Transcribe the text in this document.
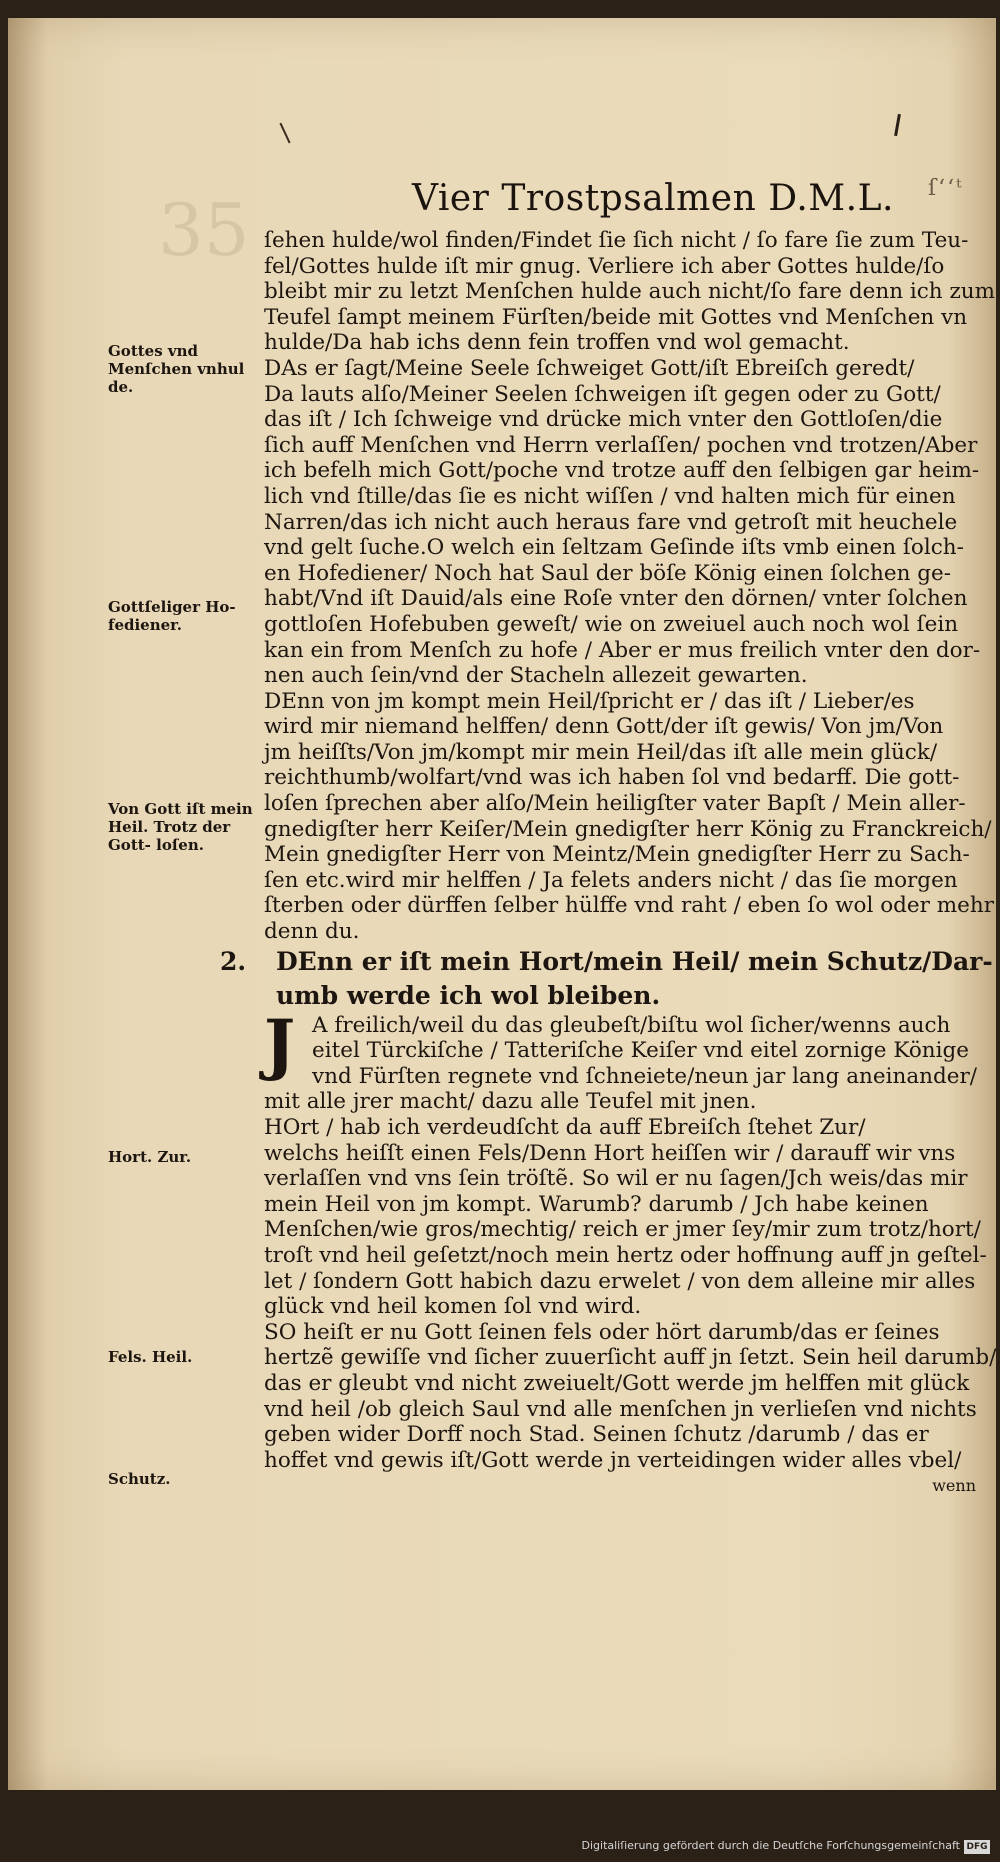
35	Vier Trostpsalmen D.M.L. ſʻʻᵗ
Gottes vnd Menſchen vnhul de.
Gottſeliger Ho- fediener.
Von Gott iſt mein Heil. Trotz der Gott- loſen.
Hort. Zur.
Fels. Heil.
Schutz.
ſehen hulde/wol finden/Findet ſie ſich nicht / ſo fare ſie zum Teu-
fel/Gottes hulde iſt mir gnug. Verliere ich aber Gottes hulde/ſo
bleibt mir zu letzt Menſchen hulde auch nicht/ſo fare denn ich zum
Teufel ſampt meinem Fürſten/beide mit Gottes vnd Menſchen vn
hulde/Da hab ichs denn fein troffen vnd wol gemacht.
DAs er ſagt/Meine Seele ſchweiget Gott/iſt Ebreiſch geredt/
Da lauts alſo/Meiner Seelen ſchweigen iſt gegen oder zu Gott/
das iſt / Ich ſchweige vnd drücke mich vnter den Gottloſen/die
ſich auff Menſchen vnd Herrn verlaſſen/ pochen vnd trotzen/Aber
ich befelh mich Gott/poche vnd trotze auff den ſelbigen gar heim-
lich vnd ſtille/das ſie es nicht wiſſen / vnd halten mich für einen
Narren/das ich nicht auch heraus fare vnd getroſt mit heuchele
vnd gelt ſuche.O welch ein ſeltzam Geſinde iſts vmb einen ſolch-
en Hofediener/ Noch hat Saul der böſe König einen ſolchen ge-
habt/Vnd iſt Dauid/als eine Roſe vnter den dörnen/ vnter ſolchen
gottloſen Hofebuben geweſt/ wie on zweiuel auch noch wol ſein
kan ein from Menſch zu hofe / Aber er mus freilich vnter den dor-
nen auch ſein/vnd der Stacheln allezeit gewarten.
DEnn von jm kompt mein Heil/ſpricht er / das iſt / Lieber/es
wird mir niemand helffen/ denn Gott/der iſt gewis/ Von jm/Von
jm heiſſts/Von jm/kompt mir mein Heil/das iſt alle mein glück/
reichthumb/wolfart/vnd was ich haben ſol vnd bedarff. Die gott-
loſen ſprechen aber alſo/Mein heiligſter vater Bapſt / Mein aller-
gnedigſter herr Keiſer/Mein gnedigſter herr König zu Franckreich/
Mein gnedigſter Herr von Meintz/Mein gnedigſter Herr zu Sach-
ſen etc.wird mir helffen / Ja felets anders nicht / das ſie morgen
ſterben oder dürffen ſelber hülffe vnd raht / eben ſo wol oder mehr
denn du.
2. DEnn er iſt mein Hort/mein Heil/ mein Schutz/Dar-
umb werde ich wol bleiben.
J A freilich/weil du das gleubeſt/biſtu wol ſicher/wenns auch
eitel Türckiſche / Tatteriſche Keiſer vnd eitel zornige Könige
vnd Fürſten regnete vnd ſchneiete/neun jar lang aneinander/
mit alle jrer macht/ dazu alle Teufel mit jnen.
HOrt / hab ich verdeudſcht da auff Ebreiſch ſtehet Zur/
welchs heiſſt einen Fels/Denn Hort heiſſen wir / darauff wir vns
verlaſſen vnd vns ſein tröſtẽ. So wil er nu ſagen/Jch weis/das mir
mein Heil von jm kompt. Warumb? darumb / Jch habe keinen
Menſchen/wie gros/mechtig/ reich er jmer ſey/mir zum trotz/hort/
troſt vnd heil geſetzt/noch mein hertz oder hoffnung auff jn geſtel-
let / ſondern Gott habich dazu erwelet / von dem alleine mir alles
glück vnd heil komen ſol vnd wird.
SO heiſt er nu Gott ſeinen fels oder hört darumb/das er ſeines
hertzẽ gewiſſe vnd ſicher zuuerſicht auff jn ſetzt. Sein heil darumb/
das er gleubt vnd nicht zweiuelt/Gott werde jm helffen mit glück
vnd heil /ob gleich Saul vnd alle menſchen jn verlieſen vnd nichts
geben wider Dorff noch Stad. Seinen ſchutz /darumb / das er
hoffet vnd gewis iſt/Gott werde jn verteidingen wider alles vbel/
wenn
Digitaliſierung gefördert durch die Deutſche Forſchungsgemeinſchaft DFG
